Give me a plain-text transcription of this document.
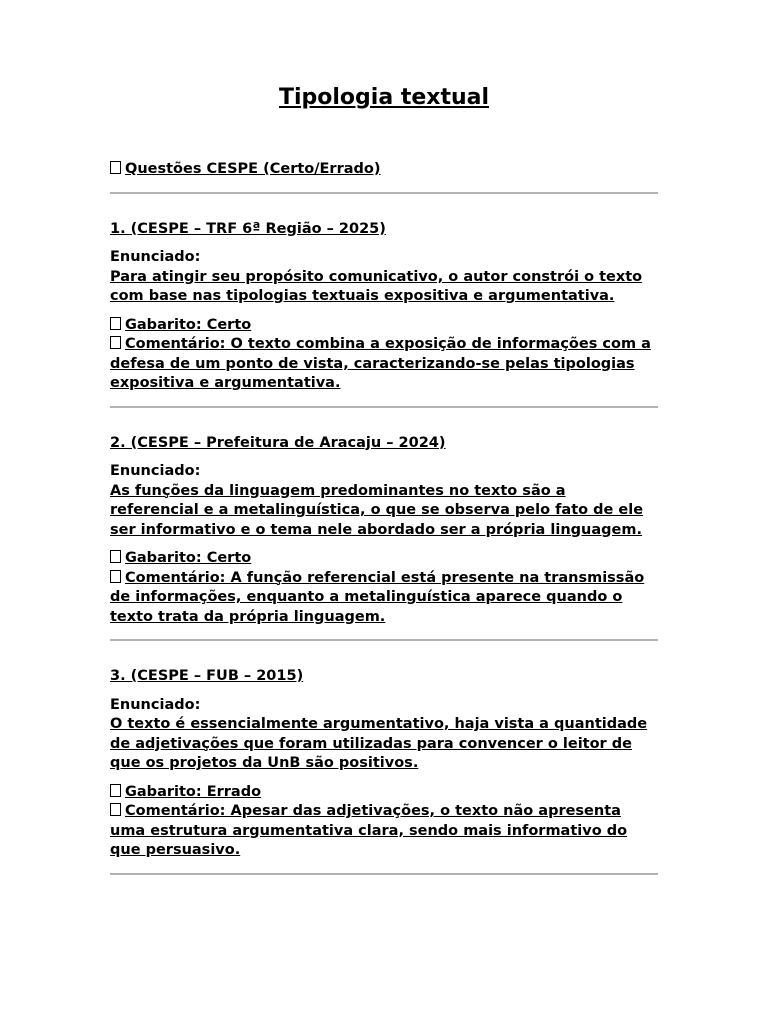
Tipologia textual

Questões CESPE (Certo/Errado)

1. (CESPE – TRF 6ª Região – 2025)

Enunciado:

Para atingir seu propósito comunicativo, o autor constrói o texto com base nas tipologias textuais expositiva e argumentativa.

Gabarito: Certo

Comentário: O texto combina a exposição de informações com a defesa de um ponto de vista, caracterizando-se pelas tipologias expositiva e argumentativa.

2. (CESPE – Prefeitura de Aracaju – 2024)

Enunciado:

As funções da linguagem predominantes no texto são a referencial e a metalinguística, o que se observa pelo fato de ele ser informativo e o tema nele abordado ser a própria linguagem.

Gabarito: Certo

Comentário: A função referencial está presente na transmissão de informações, enquanto a metalinguística aparece quando o texto trata da própria linguagem.

3. (CESPE – FUB – 2015)

Enunciado:

O texto é essencialmente argumentativo, haja vista a quantidade de adjetivações que foram utilizadas para convencer o leitor de que os projetos da UnB são positivos.

Gabarito: Errado

Comentário: Apesar das adjetivações, o texto não apresenta uma estrutura argumentativa clara, sendo mais informativo do que persuasivo.
